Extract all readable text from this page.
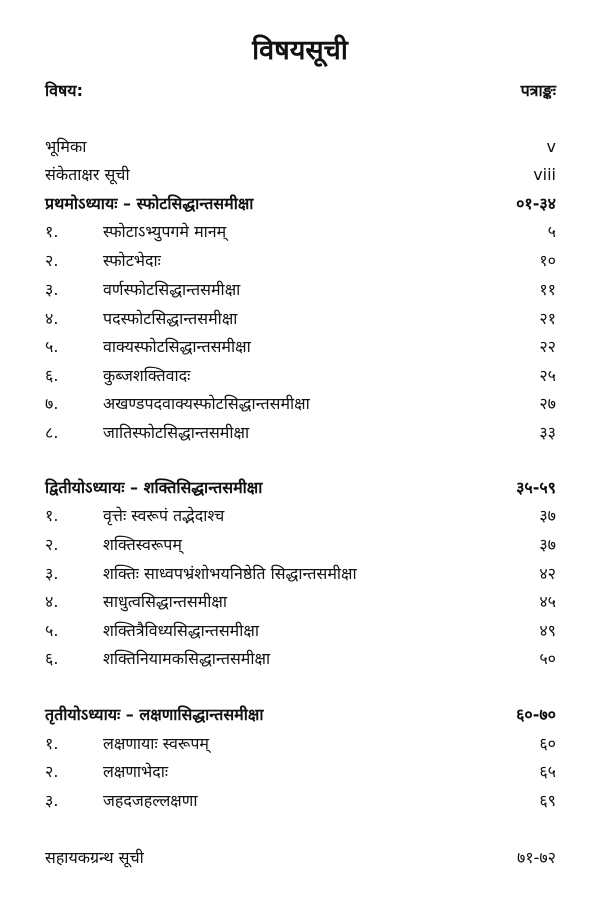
विषयसूची
विषय:	पत्राङ्कः
भूमिका	v
संकेताक्षर सूची	viii
प्रथमोऽध्यायः – स्फोटसिद्धान्तसमीक्षा	०१-३४
१.	स्फोटाऽभ्युपगमे मानम्	५
२.	स्फोटभेदाः	१०
३.	वर्णस्फोटसिद्धान्तसमीक्षा	११
४.	पदस्फोटसिद्धान्तसमीक्षा	२१
५.	वाक्यस्फोटसिद्धान्तसमीक्षा	२२
६.	कुब्जशक्तिवादः	२५
७.	अखण्डपदवाक्यस्फोटसिद्धान्तसमीक्षा	२७
८.	जातिस्फोटसिद्धान्तसमीक्षा	३३
द्वितीयोऽध्यायः – शक्तिसिद्धान्तसमीक्षा	३५-५९
१.	वृत्तेः स्वरूपं तद्भेदाश्च	३७
२.	शक्तिस्वरूपम्	३७
३.	शक्तिः साध्वपभ्रंशोभयनिष्ठेति सिद्धान्तसमीक्षा	४२
४.	साधुत्वसिद्धान्तसमीक्षा	४५
५.	शक्तित्रैविध्यसिद्धान्तसमीक्षा	४९
६.	शक्तिनियामकसिद्धान्तसमीक्षा	५०
तृतीयोऽध्यायः – लक्षणासिद्धान्तसमीक्षा	६०-७०
१.	लक्षणायाः स्वरूपम्	६०
२.	लक्षणाभेदाः	६५
३.	जहदजहल्लक्षणा	६९
सहायकग्रन्थ सूची	७१-७२
